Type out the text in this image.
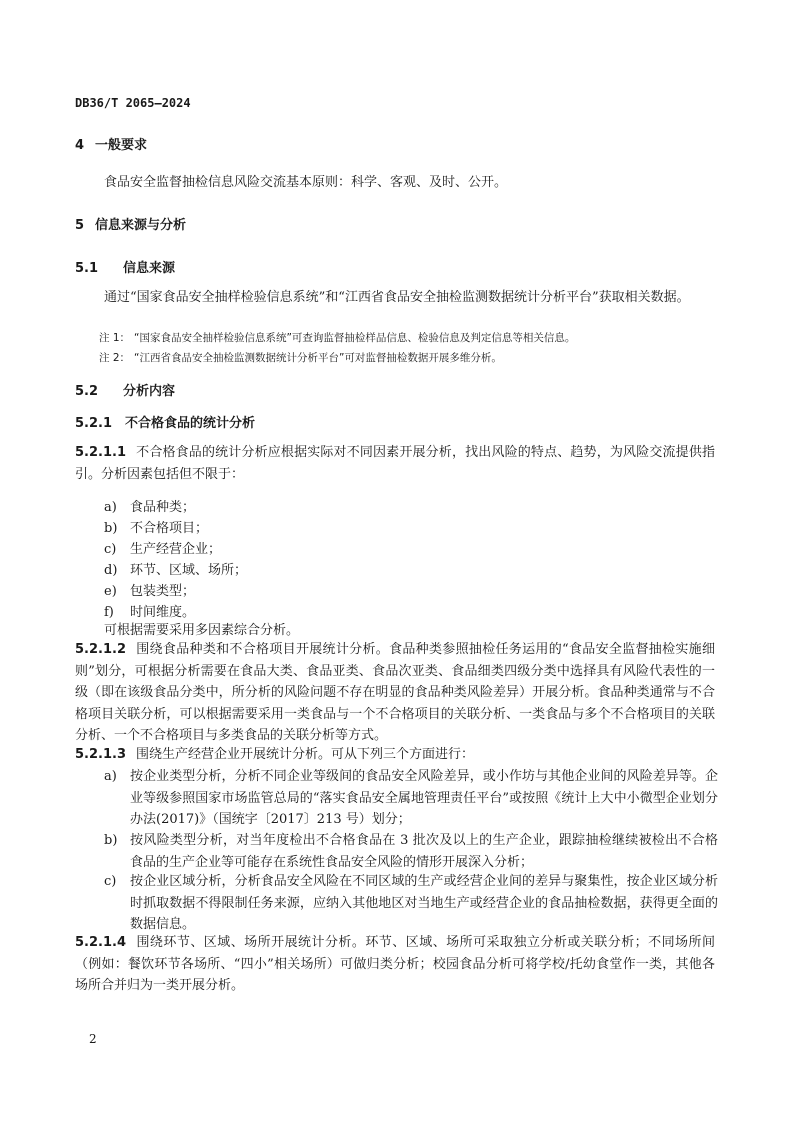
DB36/T 2065—2024
4 一般要求
食品安全监督抽检信息风险交流基本原则：科学、客观、及时、公开。
5 信息来源与分析
5.1 信息来源
通过“国家食品安全抽样检验信息系统”和“江西省食品安全抽检监测数据统计分析平台”获取相关数据。
注 1： “国家食品安全抽样检验信息系统”可查询监督抽检样品信息、检验信息及判定信息等相关信息。
注 2： “江西省食品安全抽检监测数据统计分析平台”可对监督抽检数据开展多维分析。
5.2 分析内容
5.2.1 不合格食品的统计分析
5.2.1.1 不合格食品的统计分析应根据实际对不同因素开展分析，找出风险的特点、趋势，为风险交流提供指引。分析因素包括但不限于：
a) 食品种类；
b) 不合格项目；
c) 生产经营企业；
d) 环节、区域、场所；
e) 包装类型；
f) 时间维度。
可根据需要采用多因素综合分析。
5.2.1.2 围绕食品种类和不合格项目开展统计分析。食品种类参照抽检任务运用的“食品安全监督抽检实施细则”划分，可根据分析需要在食品大类、食品亚类、食品次亚类、食品细类四级分类中选择具有风险代表性的一级（即在该级食品分类中，所分析的风险问题不存在明显的食品种类风险差异）开展分析。食品种类通常与不合格项目关联分析，可以根据需要采用一类食品与一个不合格项目的关联分析、一类食品与多个不合格项目的关联分析、一个不合格项目与多类食品的关联分析等方式。
5.2.1.3 围绕生产经营企业开展统计分析。可从下列三个方面进行：
a) 按企业类型分析，分析不同企业等级间的食品安全风险差异，或小作坊与其他企业间的风险差异等。企业等级参照国家市场监管总局的“落实食品安全属地管理责任平台”或按照《统计上大中小微型企业划分办法(2017)》（国统字〔2017〕213 号）划分；
b) 按风险类型分析，对当年度检出不合格食品在 3 批次及以上的生产企业，跟踪抽检继续被检出不合格食品的生产企业等可能存在系统性食品安全风险的情形开展深入分析；
c) 按企业区域分析，分析食品安全风险在不同区域的生产或经营企业间的差异与聚集性，按企业区域分析时抓取数据不得限制任务来源，应纳入其他地区对当地生产或经营企业的食品抽检数据，获得更全面的数据信息。
5.2.1.4 围绕环节、区域、场所开展统计分析。环节、区域、场所可采取独立分析或关联分析；不同场所间（例如：餐饮环节各场所、“四小”相关场所）可做归类分析；校园食品分析可将学校/托幼食堂作一类，其他各场所合并归为一类开展分析。
2
